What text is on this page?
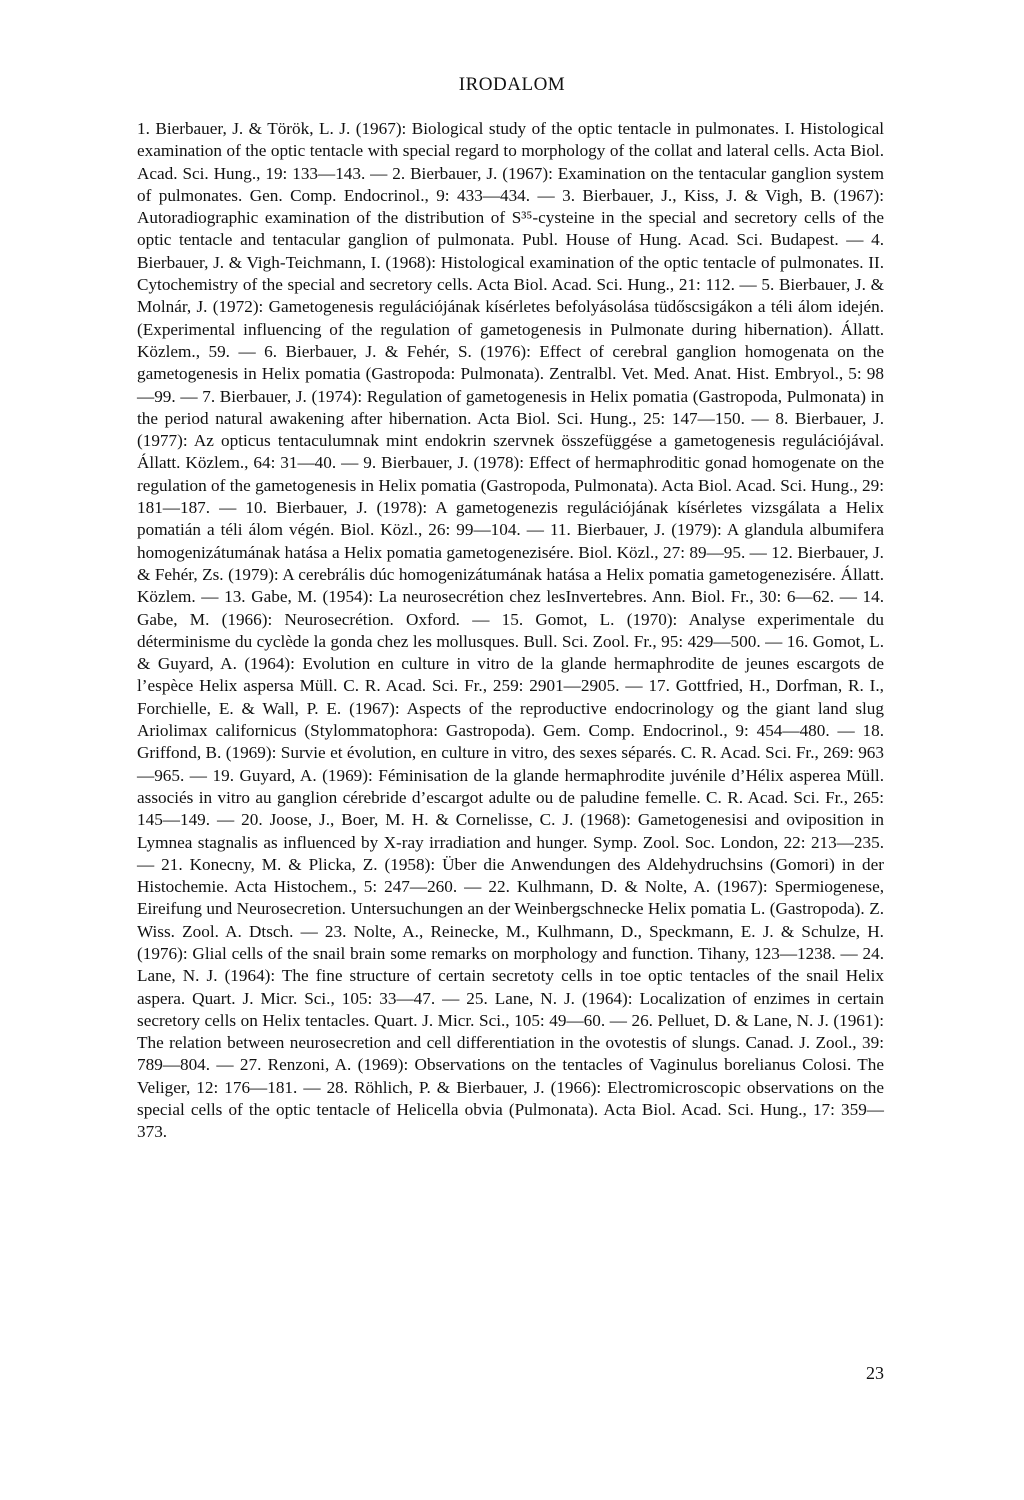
IRODALOM

1. Bierbauer, J. & Török, L. J. (1967): Biological study of the optic tentacle in pulmonates. I. Histological examination of the optic tentacle with special regard to morphology of the collat and lateral cells. Acta Biol. Acad. Sci. Hung., 19: 133—143. — 2. Bierbauer, J. (1967): Examination on the tentacular ganglion system of pulmonates. Gen. Comp. Endocrinol., 9: 433—434. — 3. Bierbauer, J., Kiss, J. & Vigh, B. (1967): Autoradiographic examination of the distribution of S³⁵-cysteine in the special and secretory cells of the optic tentacle and tentacular ganglion of pulmonata. Publ. House of Hung. Acad. Sci. Budapest. — 4. Bierbauer, J. & Vigh-Teichmann, I. (1968): Histological examination of the optic tentacle of pulmonates. II. Cytochemistry of the special and secretory cells. Acta Biol. Acad. Sci. Hung., 21: 112. — 5. Bierbauer, J. & Molnár, J. (1972): Gametogenesis regulációjának kísérletes befolyásolása tüdőscsigákon a téli álom idején. (Experimental influencing of the regulation of gametogenesis in Pulmonate during hibernation). Állatt. Közlem., 59. — 6. Bierbauer, J. & Fehér, S. (1976): Effect of cerebral ganglion homogenata on the gametogenesis in Helix pomatia (Gastropoda: Pulmonata). Zentralbl. Vet. Med. Anat. Hist. Embryol., 5: 98—99. — 7. Bierbauer, J. (1974): Regulation of gametogenesis in Helix pomatia (Gastropoda, Pulmonata) in the period natural awakening after hibernation. Acta Biol. Sci. Hung., 25: 147—150. — 8. Bierbauer, J. (1977): Az opticus tentaculumnak mint endokrin szervnek összefüggése a gametogenesis regulációjával. Állatt. Közlem., 64: 31—40. — 9. Bierbauer, J. (1978): Effect of hermaphroditic gonad homogenate on the regulation of the gametogenesis in Helix pomatia (Gastropoda, Pulmonata). Acta Biol. Acad. Sci. Hung., 29: 181—187. — 10. Bierbauer, J. (1978): A gametogenezis regulációjának kísérletes vizsgálata a Helix pomatián a téli álom végén. Biol. Közl., 26: 99—104. — 11. Bierbauer, J. (1979): A glandula albumifera homogenizátumának hatása a Helix pomatia gametogenezisére. Biol. Közl., 27: 89—95. — 12. Bierbauer, J. & Fehér, Zs. (1979): A cerebrális dúc homogenizátumának hatása a Helix pomatia gametogenezisére. Állatt. Közlem. — 13. Gabe, M. (1954): La neurosecrétion chez lesInvertebres. Ann. Biol. Fr., 30: 6—62. — 14. Gabe, M. (1966): Neurosecrétion. Oxford. — 15. Gomot, L. (1970): Analyse experimentale du déterminisme du cyclède la gonda chez les mollusques. Bull. Sci. Zool. Fr., 95: 429—500. — 16. Gomot, L. & Guyard, A. (1964): Evolution en culture in vitro de la glande hermaphrodite de jeunes escargots de l’espèce Helix aspersa Müll. C. R. Acad. Sci. Fr., 259: 2901—2905. — 17. Gottfried, H., Dorfman, R. I., Forchielle, E. & Wall, P. E. (1967): Aspects of the reproductive endocrinology og the giant land slug Ariolimax californicus (Stylommatophora: Gastropoda). Gem. Comp. Endocrinol., 9: 454—480. — 18. Griffond, B. (1969): Survie et évolution, en culture in vitro, des sexes séparés. C. R. Acad. Sci. Fr., 269: 963—965. — 19. Guyard, A. (1969): Féminisation de la glande hermaphrodite juvénile d’Hélix asperea Müll. associés in vitro au ganglion cérebride d’escargot adulte ou de paludine femelle. C. R. Acad. Sci. Fr., 265: 145—149. — 20. Joose, J., Boer, M. H. & Cornelisse, C. J. (1968): Gametogenesisi and oviposition in Lymnea stagnalis as influenced by X-ray irradiation and hunger. Symp. Zool. Soc. London, 22: 213—235. — 21. Konecny, M. & Plicka, Z. (1958): Über die Anwendungen des Aldehydruchsins (Gomori) in der Histochemie. Acta Histochem., 5: 247—260. — 22. Kulhmann, D. & Nolte, A. (1967): Spermiogenese, Eireifung und Neurosecretion. Untersuchungen an der Weinbergschnecke Helix pomatia L. (Gastropoda). Z. Wiss. Zool. A. Dtsch. — 23. Nolte, A., Reinecke, M., Kulhmann, D., Speckmann, E. J. & Schulze, H. (1976): Glial cells of the snail brain some remarks on morphology and function. Tihany, 123—1238. — 24. Lane, N. J. (1964): The fine structure of certain secretoty cells in toe optic tentacles of the snail Helix aspera. Quart. J. Micr. Sci., 105: 33—47. — 25. Lane, N. J. (1964): Localization of enzimes in certain secretory cells on Helix tentacles. Quart. J. Micr. Sci., 105: 49—60. — 26. Pelluet, D. & Lane, N. J. (1961): The relation between neurosecretion and cell differentiation in the ovotestis of slungs. Canad. J. Zool., 39: 789—804. — 27. Renzoni, A. (1969): Observations on the tentacles of Vaginulus borelianus Colosi. The Veliger, 12: 176—181. — 28. Röhlich, P. & Bierbauer, J. (1966): Electromicroscopic observations on the special cells of the optic tentacle of Helicella obvia (Pulmonata). Acta Biol. Acad. Sci. Hung., 17: 359—373.

23
